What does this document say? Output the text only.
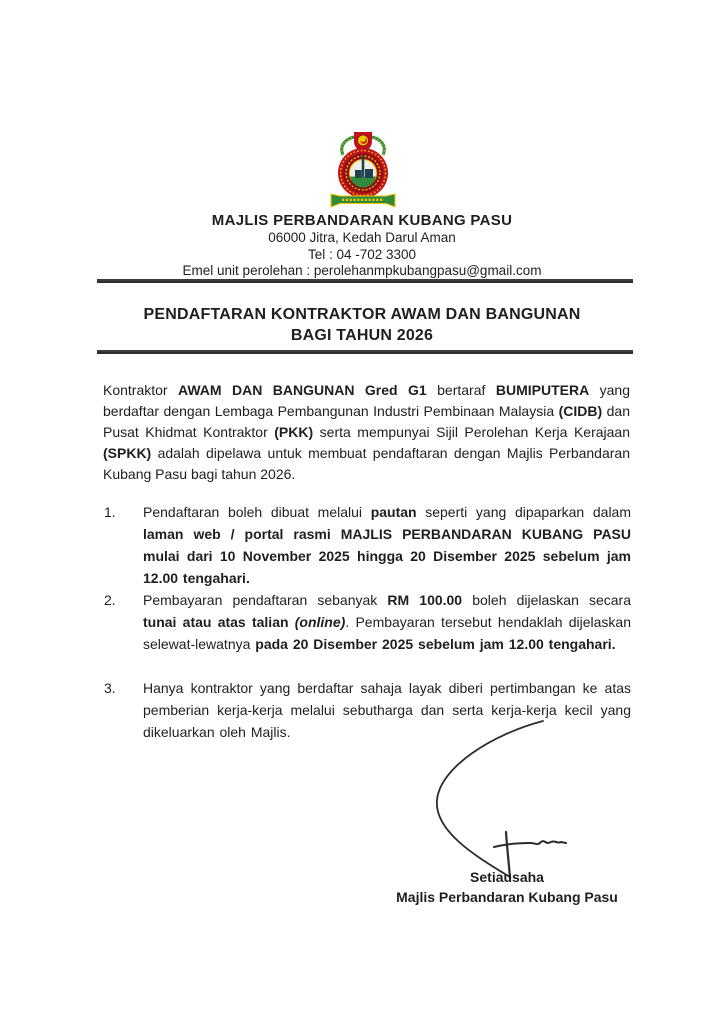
MAJLIS PERBANDARAN KUBANG PASU
06000 Jitra, Kedah Darul Aman
Tel : 04 -702 3300
Emel unit perolehan : perolehanmpkubangpasu@gmail.com
PENDAFTARAN KONTRAKTOR AWAM DAN BANGUNAN
BAGI TAHUN 2026
Kontraktor AWAM DAN BANGUNAN Gred G1 bertaraf BUMIPUTERA yang berdaftar dengan Lembaga Pembangunan Industri Pembinaan Malaysia (CIDB) dan Pusat Khidmat Kontraktor (PKK) serta mempunyai Sijil Perolehan Kerja Kerajaan (SPKK) adalah dipelawa untuk membuat pendaftaran dengan Majlis Perbandaran Kubang Pasu bagi tahun 2026.
1.	Pendaftaran boleh dibuat melalui pautan seperti yang dipaparkan dalam laman web / portal rasmi MAJLIS PERBANDARAN KUBANG PASU mulai dari 10 November 2025 hingga 20 Disember 2025 sebelum jam 12.00 tengahari.
2.	Pembayaran pendaftaran sebanyak RM 100.00 boleh dijelaskan secara tunai atau atas talian (online). Pembayaran tersebut hendaklah dijelaskan selewat-lewatnya pada 20 Disember 2025 sebelum jam 12.00 tengahari.
3.	Hanya kontraktor yang berdaftar sahaja layak diberi pertimbangan ke atas pemberian kerja-kerja melalui sebutharga dan serta kerja-kerja kecil yang dikeluarkan oleh Majlis.
Setiausaha
Majlis Perbandaran Kubang Pasu
